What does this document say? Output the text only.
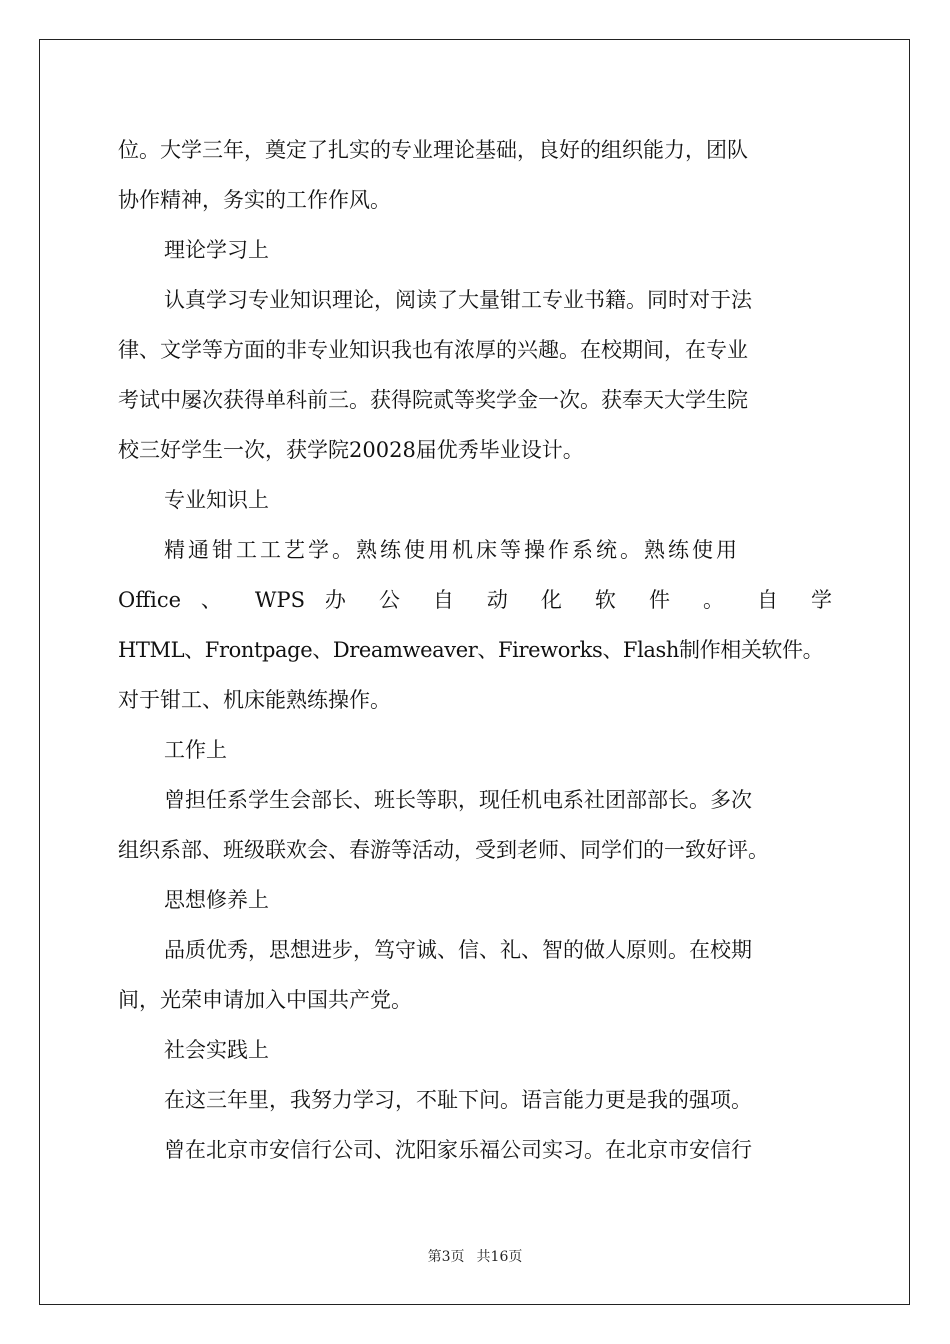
位。大学三年，奠定了扎实的专业理论基础，良好的组织能力，团队
协作精神，务实的工作作风。
理论学习上
认真学习专业知识理论，阅读了大量钳工专业书籍。同时对于法
律、文学等方面的非专业知识我也有浓厚的兴趣。在校期间，在专业
考试中屡次获得单科前三。获得院贰等奖学金一次。获奉天大学生院
校三好学生一次，获学院20028届优秀毕业设计。
专业知识上
精通钳工工艺学。熟练使用机床等操作系统。熟练使用
Office 、 WPS 办 公 自 动 化 软 件 。 自 学
HTML、Frontpage、Dreamweaver、Fireworks、Flash制作相关软件。
对于钳工、机床能熟练操作。
工作上
曾担任系学生会部长、班长等职，现任机电系社团部部长。多次
组织系部、班级联欢会、春游等活动，受到老师、同学们的一致好评。
思想修养上
品质优秀，思想进步，笃守诚、信、礼、智的做人原则。在校期
间，光荣申请加入中国共产党。
社会实践上
在这三年里，我努力学习，不耻下问。语言能力更是我的强项。
曾在北京市安信行公司、沈阳家乐福公司实习。在北京市安信行
第3页 共16页
